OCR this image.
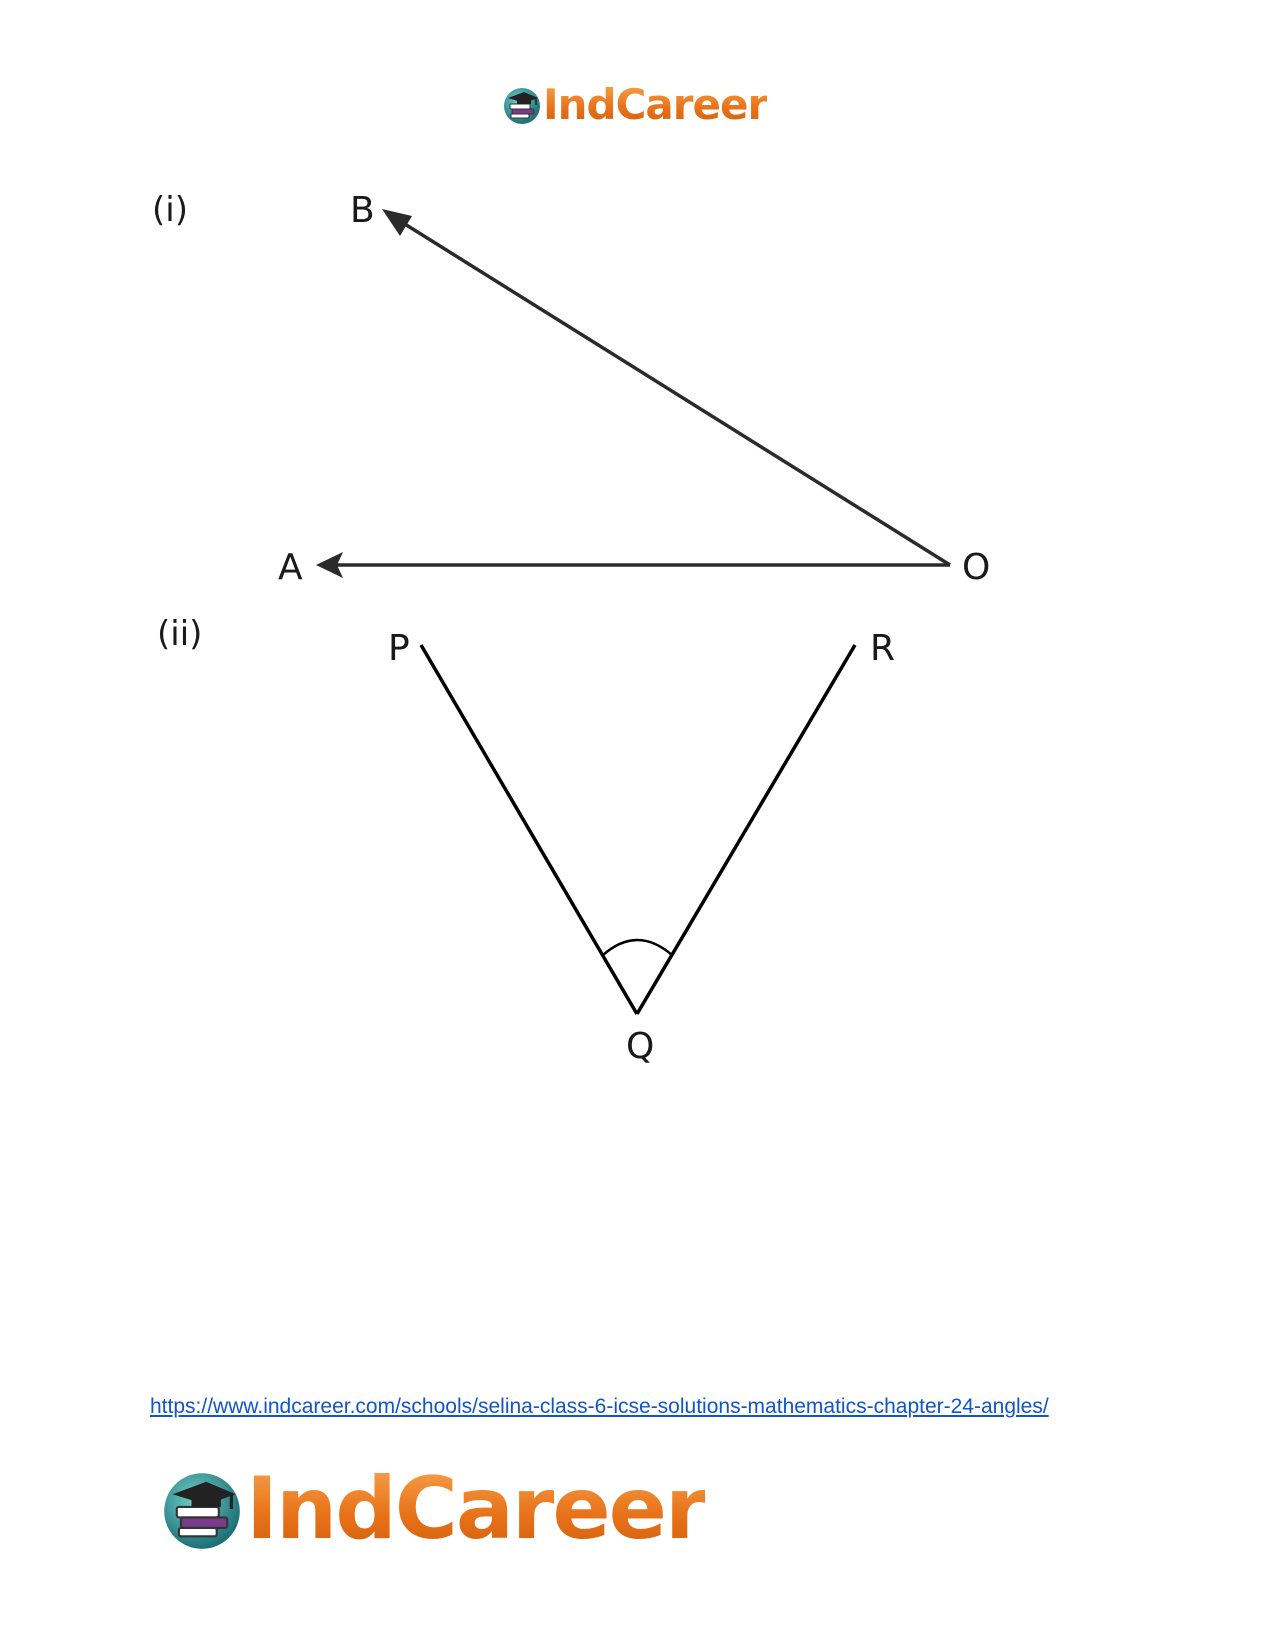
IndCareer
(i)	B
A	O
(ii)	P	R
Q
https://www.indcareer.com/schools/selina-class-6-icse-solutions-mathematics-chapter-24-angles/
IndCareer
